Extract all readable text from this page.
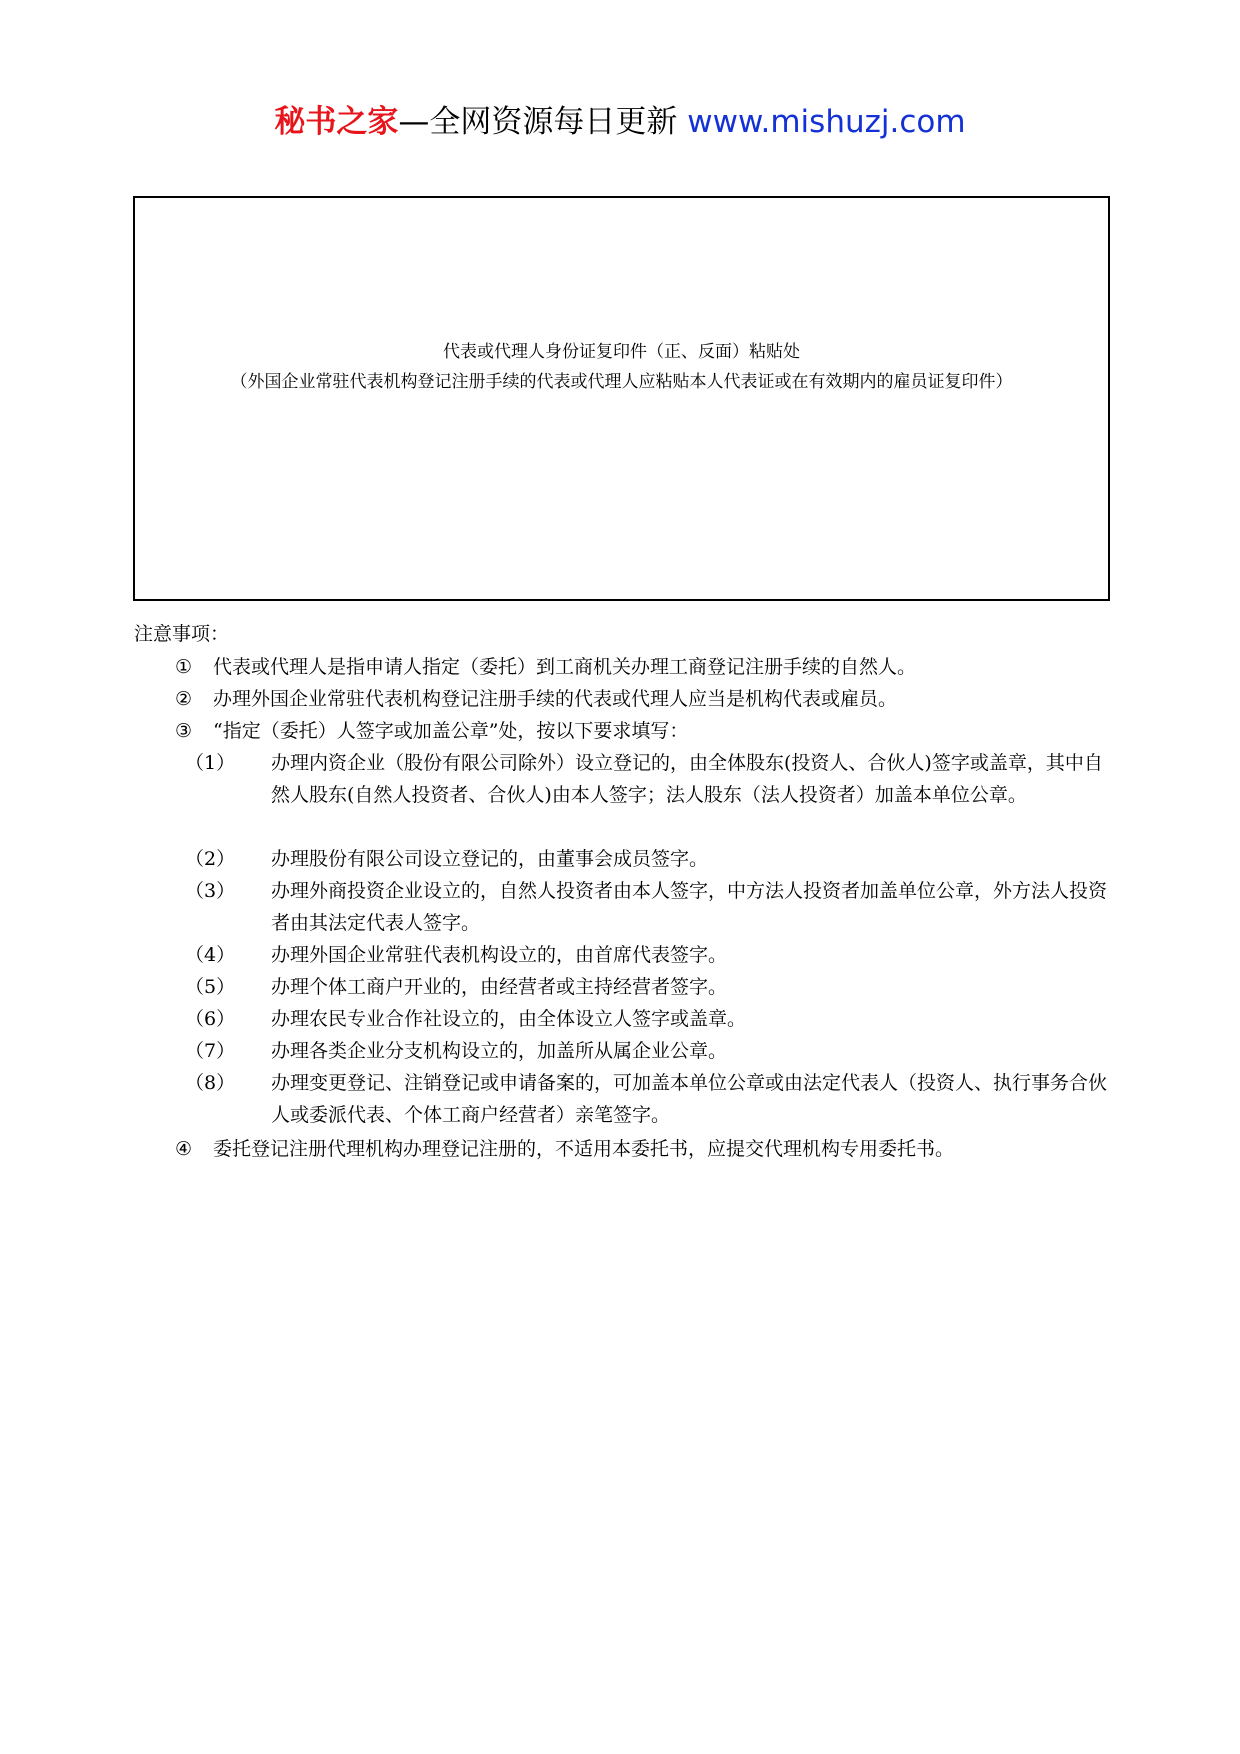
秘书之家—全网资源每日更新 www.mishuzj.com
代表或代理人身份证复印件（正、反面）粘贴处
（外国企业常驻代表机构登记注册手续的代表或代理人应粘贴本人代表证或在有效期内的雇员证复印件）
注意事项：
① 代表或代理人是指申请人指定（委托）到工商机关办理工商登记注册手续的自然人。
② 办理外国企业常驻代表机构登记注册手续的代表或代理人应当是机构代表或雇员。
③ “指定（委托）人签字或加盖公章”处，按以下要求填写：
（1） 办理内资企业（股份有限公司除外）设立登记的，由全体股东(投资人、合伙人)签字或盖章，其中自然人股东(自然人投资者、合伙人)由本人签字；法人股东（法人投资者）加盖本单位公章。
（2） 办理股份有限公司设立登记的，由董事会成员签字。
（3） 办理外商投资企业设立的，自然人投资者由本人签字，中方法人投资者加盖单位公章，外方法人投资者由其法定代表人签字。
（4） 办理外国企业常驻代表机构设立的，由首席代表签字。
（5） 办理个体工商户开业的，由经营者或主持经营者签字。
（6） 办理农民专业合作社设立的，由全体设立人签字或盖章。
（7） 办理各类企业分支机构设立的，加盖所从属企业公章。
（8） 办理变更登记、注销登记或申请备案的，可加盖本单位公章或由法定代表人（投资人、执行事务合伙人或委派代表、个体工商户经营者）亲笔签字。
④ 委托登记注册代理机构办理登记注册的，不适用本委托书，应提交代理机构专用委托书。
